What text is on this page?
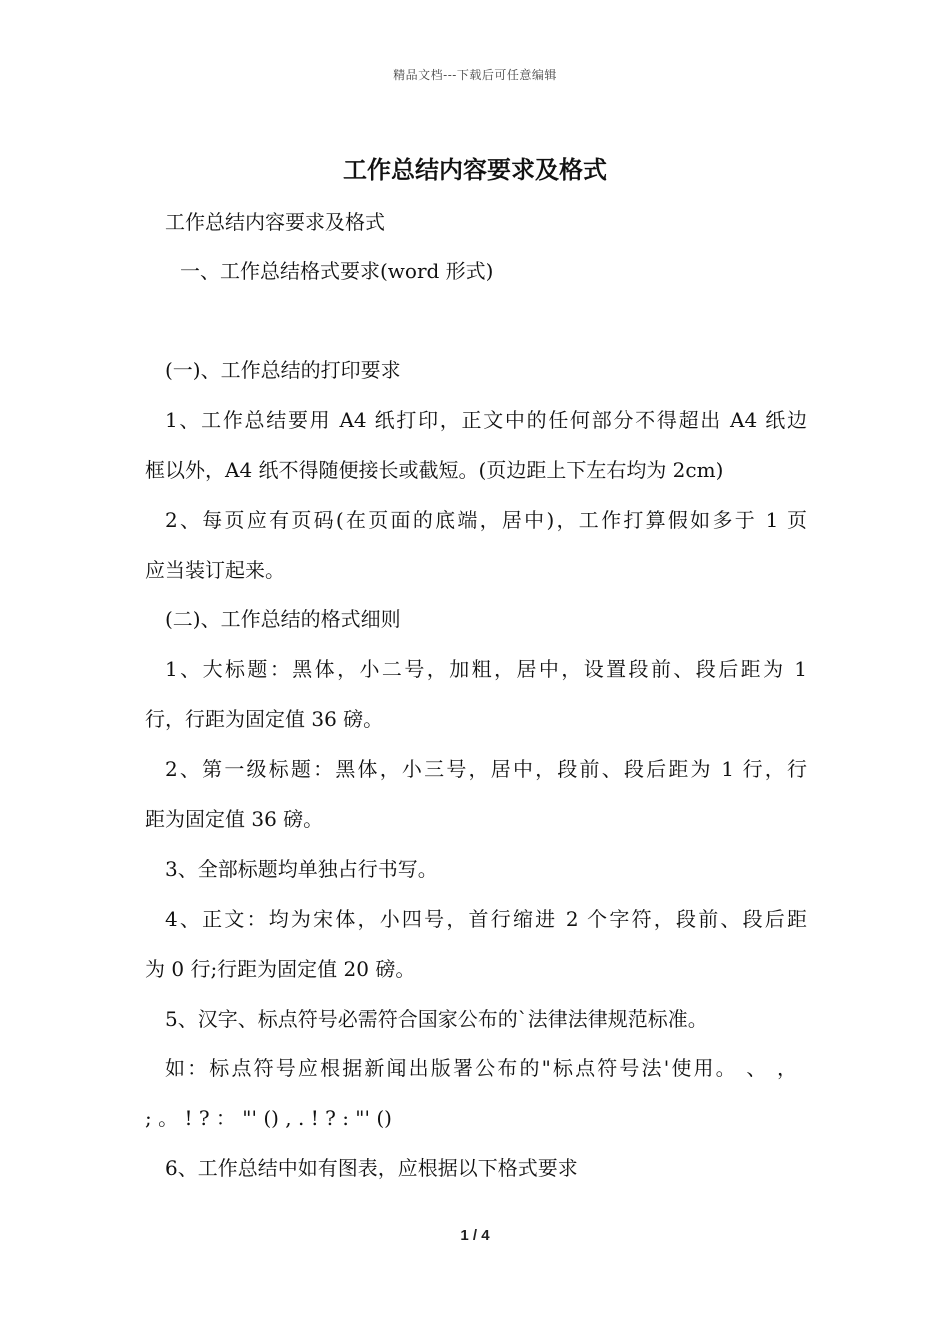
精品文档---下载后可任意编辑
工作总结内容要求及格式
工作总结内容要求及格式
一、工作总结格式要求(word 形式)
(一)、工作总结的打印要求
1、工作总结要用 A4 纸打印，正文中的任何部分不得超出 A4 纸边
框以外，A4 纸不得随便接长或截短。(页边距上下左右均为 2cm)
2、每页应有页码(在页面的底端，居中)，工作打算假如多于 1 页
应当装订起来。
(二)、工作总结的格式细则
1、大标题：黑体，小二号，加粗，居中，设置段前、段后距为 1
行，行距为固定值 36 磅。
2、第一级标题：黑体，小三号，居中，段前、段后距为 1 行，行
距为固定值 36 磅。
3、全部标题均单独占行书写。
4、正文：均为宋体，小四号，首行缩进 2 个字符，段前、段后距
为 0 行;行距为固定值 20 磅。
5、汉字、标点符号必需符合国家公布的`法律法律规范标准。
如：标点符号应根据新闻出版署公布的"标点符号法'使用。 、 ，
; 。 ! ? ： "' () , . ! ? : "' ()
6、工作总结中如有图表，应根据以下格式要求
1 / 4
